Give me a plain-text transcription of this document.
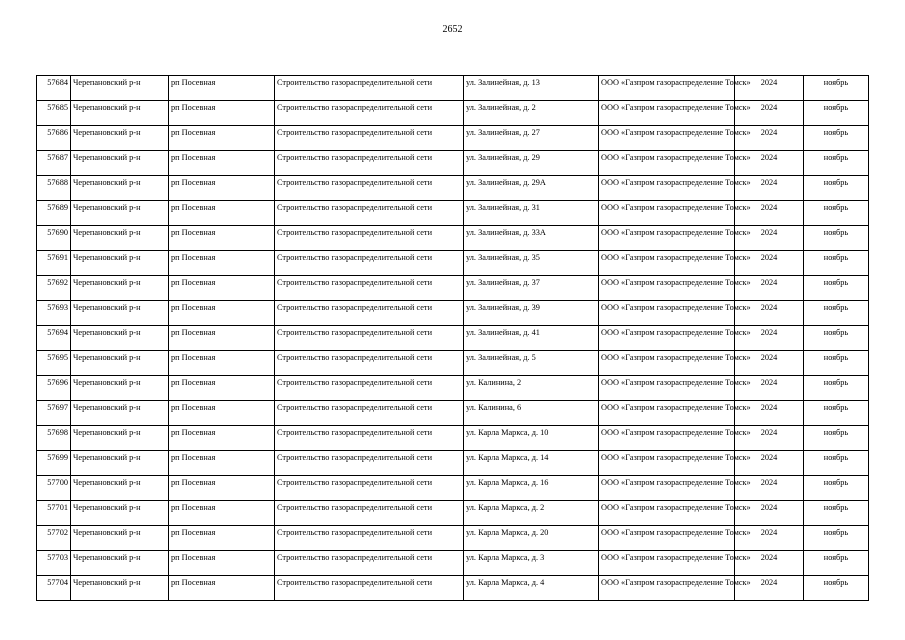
2652
57684	Черепановский р-н	рп Посевная	Строительство газораспределительной сети	ул. Залинейная, д. 13	ООО «Газпром газораспределение Томск»	2024	ноябрь
57685	Черепановский р-н	рп Посевная	Строительство газораспределительной сети	ул. Залинейная, д. 2	ООО «Газпром газораспределение Томск»	2024	ноябрь
57686	Черепановский р-н	рп Посевная	Строительство газораспределительной сети	ул. Залинейная, д. 27	ООО «Газпром газораспределение Томск»	2024	ноябрь
57687	Черепановский р-н	рп Посевная	Строительство газораспределительной сети	ул. Залинейная, д. 29	ООО «Газпром газораспределение Томск»	2024	ноябрь
57688	Черепановский р-н	рп Посевная	Строительство газораспределительной сети	ул. Залинейная, д. 29А	ООО «Газпром газораспределение Томск»	2024	ноябрь
57689	Черепановский р-н	рп Посевная	Строительство газораспределительной сети	ул. Залинейная, д. 31	ООО «Газпром газораспределение Томск»	2024	ноябрь
57690	Черепановский р-н	рп Посевная	Строительство газораспределительной сети	ул. Залинейная, д. 33А	ООО «Газпром газораспределение Томск»	2024	ноябрь
57691	Черепановский р-н	рп Посевная	Строительство газораспределительной сети	ул. Залинейная, д. 35	ООО «Газпром газораспределение Томск»	2024	ноябрь
57692	Черепановский р-н	рп Посевная	Строительство газораспределительной сети	ул. Залинейная, д. 37	ООО «Газпром газораспределение Томск»	2024	ноябрь
57693	Черепановский р-н	рп Посевная	Строительство газораспределительной сети	ул. Залинейная, д. 39	ООО «Газпром газораспределение Томск»	2024	ноябрь
57694	Черепановский р-н	рп Посевная	Строительство газораспределительной сети	ул. Залинейная, д. 41	ООО «Газпром газораспределение Томск»	2024	ноябрь
57695	Черепановский р-н	рп Посевная	Строительство газораспределительной сети	ул. Залинейная, д. 5	ООО «Газпром газораспределение Томск»	2024	ноябрь
57696	Черепановский р-н	рп Посевная	Строительство газораспределительной сети	ул. Калинина, 2	ООО «Газпром газораспределение Томск»	2024	ноябрь
57697	Черепановский р-н	рп Посевная	Строительство газораспределительной сети	ул. Калинина, 6	ООО «Газпром газораспределение Томск»	2024	ноябрь
57698	Черепановский р-н	рп Посевная	Строительство газораспределительной сети	ул. Карла Маркса, д. 10	ООО «Газпром газораспределение Томск»	2024	ноябрь
57699	Черепановский р-н	рп Посевная	Строительство газораспределительной сети	ул. Карла Маркса, д. 14	ООО «Газпром газораспределение Томск»	2024	ноябрь
57700	Черепановский р-н	рп Посевная	Строительство газораспределительной сети	ул. Карла Маркса, д. 16	ООО «Газпром газораспределение Томск»	2024	ноябрь
57701	Черепановский р-н	рп Посевная	Строительство газораспределительной сети	ул. Карла Маркса, д. 2	ООО «Газпром газораспределение Томск»	2024	ноябрь
57702	Черепановский р-н	рп Посевная	Строительство газораспределительной сети	ул. Карла Маркса, д. 20	ООО «Газпром газораспределение Томск»	2024	ноябрь
57703	Черепановский р-н	рп Посевная	Строительство газораспределительной сети	ул. Карла Маркса, д. 3	ООО «Газпром газораспределение Томск»	2024	ноябрь
57704	Черепановский р-н	рп Посевная	Строительство газораспределительной сети	ул. Карла Маркса, д. 4	ООО «Газпром газораспределение Томск»	2024	ноябрь
